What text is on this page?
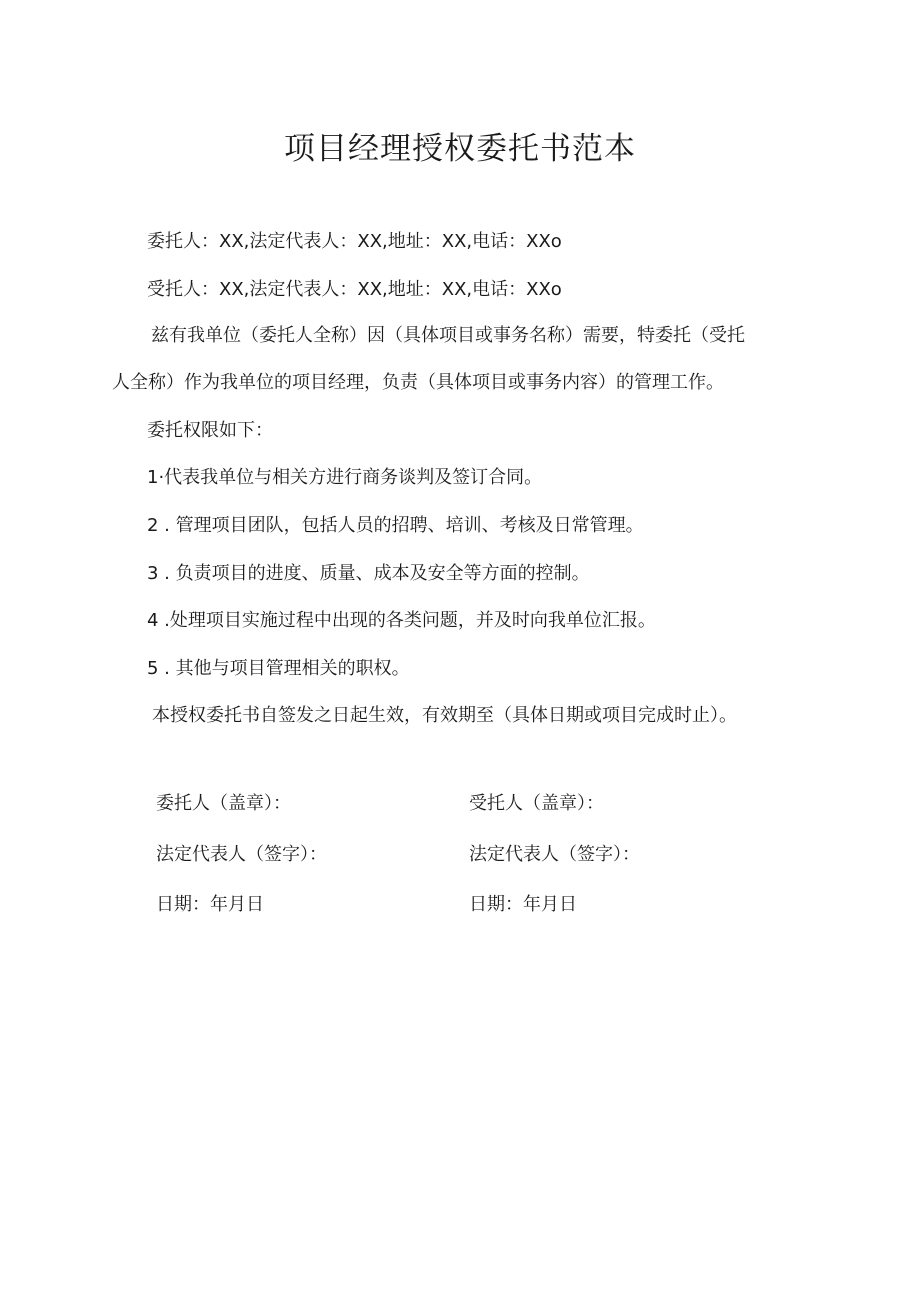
项目经理授权委托书范本

委托人：XX,法定代表人：XX,地址：XX,电话：XXo

受托人：XX,法定代表人：XX,地址：XX,电话：XXo

兹有我单位（委托人全称）因（具体项目或事务名称）需要，特委托（受托

人全称）作为我单位的项目经理，负责（具体项目或事务内容）的管理工作。

委托权限如下：

1·代表我单位与相关方进行商务谈判及签订合同。

2 . 管理项目团队，包括人员的招聘、培训、考核及日常管理。

3 . 负责项目的进度、质量、成本及安全等方面的控制。

4 .处理项目实施过程中出现的各类问题，并及时向我单位汇报。

5 . 其他与项目管理相关的职权。

本授权委托书自签发之日起生效，有效期至（具体日期或项目完成时止）。

委托人（盖章）：	受托人（盖章）：

法定代表人（签字）：	法定代表人（签字）：

日期：年月日	日期：年月日
